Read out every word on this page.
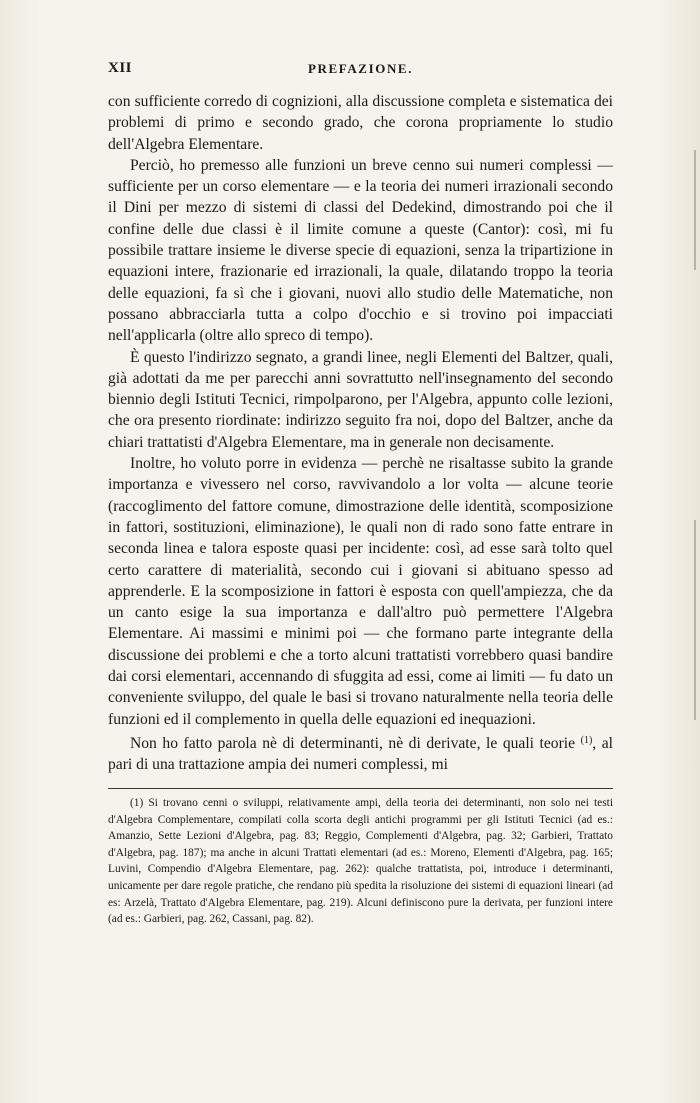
XII	PREFAZIONE.

con sufficiente corredo di cognizioni, alla discussione completa e sistematica dei problemi di primo e secondo grado, che corona propriamente lo studio dell'Algebra Elementare.

Perciò, ho premesso alle funzioni un breve cenno sui numeri complessi — sufficiente per un corso elementare — e la teoria dei numeri irrazionali secondo il Dini per mezzo di sistemi di classi del Dedekind, dimostrando poi che il confine delle due classi è il limite comune a queste (Cantor): così, mi fu possibile trattare insieme le diverse specie di equazioni, senza la tripartizione in equazioni intere, frazionarie ed irrazionali, la quale, dilatando troppo la teoria delle equazioni, fa sì che i giovani, nuovi allo studio delle Matematiche, non possano abbracciarla tutta a colpo d'occhio e si trovino poi impacciati nell'applicarla (oltre allo spreco di tempo).

È questo l'indirizzo segnato, a grandi linee, negli Elementi del Baltzer, quali, già adottati da me per parecchi anni sovrattutto nell'insegnamento del secondo biennio degli Istituti Tecnici, rimpolparono, per l'Algebra, appunto colle lezioni, che ora presento riordinate: indirizzo seguito fra noi, dopo del Baltzer, anche da chiari trattatisti d'Algebra Elementare, ma in generale non decisamente.

Inoltre, ho voluto porre in evidenza — perchè ne risaltasse subito la grande importanza e vivessero nel corso, ravvivandolo a lor volta — alcune teorie (raccoglimento del fattore comune, dimostrazione delle identità, scomposizione in fattori, sostituzioni, eliminazione), le quali non di rado sono fatte entrare in seconda linea e talora esposte quasi per incidente: così, ad esse sarà tolto quel certo carattere di materialità, secondo cui i giovani si abituano spesso ad apprenderle. E la scomposizione in fattori è esposta con quell'ampiezza, che da un canto esige la sua importanza e dall'altro può permettere l'Algebra Elementare. Ai massimi e minimi poi — che formano parte integrante della discussione dei problemi e che a torto alcuni trattatisti vorrebbero quasi bandire dai corsi elementari, accennando di sfuggita ad essi, come ai limiti — fu dato un conveniente sviluppo, del quale le basi si trovano naturalmente nella teoria delle funzioni ed il complemento in quella delle equazioni ed inequazioni.

Non ho fatto parola nè di determinanti, nè di derivate, le quali teorie $^{(1)}$, al pari di una trattazione ampia dei numeri complessi, mi

(1) Si trovano cenni o sviluppi, relativamente ampi, della teoria dei determinanti, non solo nei testi d'Algebra Complementare, compilati colla scorta degli antichi programmi per gli Istituti Tecnici (ad es.: Amanzio, Sette Lezioni d'Algebra, pag. 83; Reggio, Complementi d'Algebra, pag. 32; Garbieri, Trattato d'Algebra, pag. 187); ma anche in alcuni Trattati elementari (ad es.: Moreno, Elementi d'Algebra, pag. 165; Luvini, Compendio d'Algebra Elementare, pag. 262): qualche trattatista, poi, introduce i determinanti, unicamente per dare regole pratiche, che rendano più spedita la risoluzione dei sistemi di equazioni lineari (ad es: Arzelà, Trattato d'Algebra Elementare, pag. 219). Alcuni definiscono pure la derivata, per funzioni intere (ad es.: Garbieri, pag. 262, Cassani, pag. 82).
